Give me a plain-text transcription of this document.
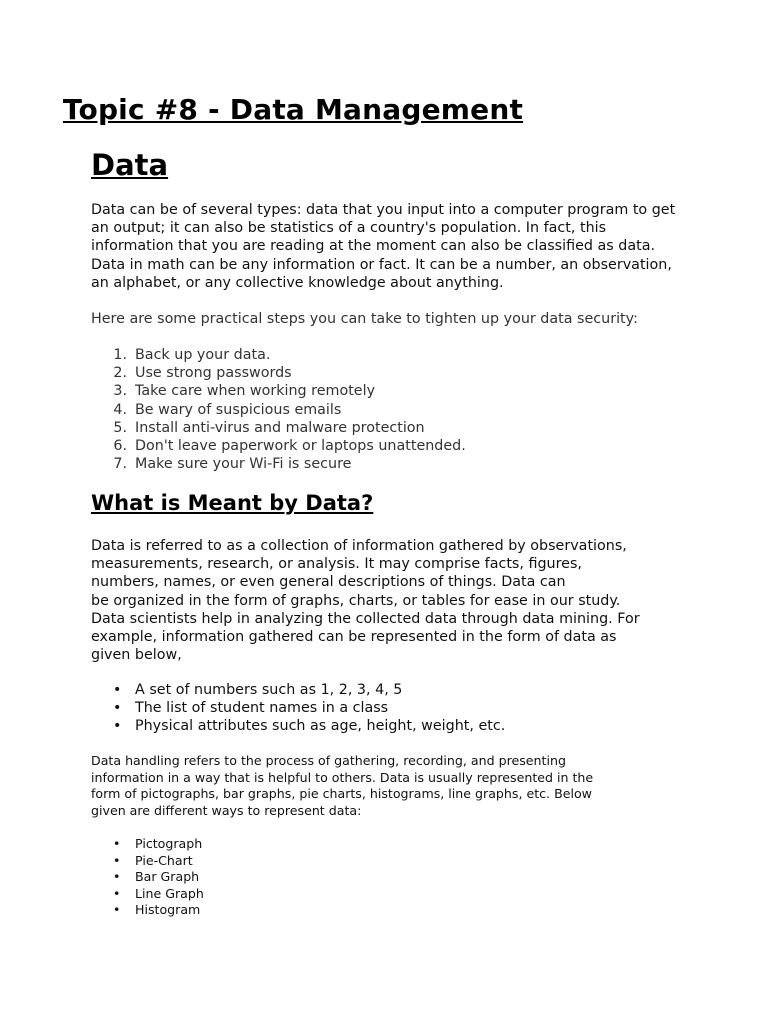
Topic #8 - Data Management
Data

Data can be of several types: data that you input into a computer program to get an output; it can also be statistics of a country's population. In fact, this information that you are reading at the moment can also be classified as data. Data in math can be any information or fact. It can be a number, an observation, an alphabet, or any collective knowledge about anything.

Here are some practical steps you can take to tighten up your data security:

1. Back up your data.
2. Use strong passwords
3. Take care when working remotely
4. Be wary of suspicious emails
5. Install anti-virus and malware protection
6. Don't leave paperwork or laptops unattended.
7. Make sure your Wi-Fi is secure
What is Meant by Data?

Data is referred to as a collection of information gathered by observations,
measurements, research, or analysis. It may comprise facts, figures,
numbers, names, or even general descriptions of things. Data can
be organized in the form of graphs, charts, or tables for ease in our study.
Data scientists help in analyzing the collected data through data mining. For
example, information gathered can be represented in the form of data as
given below,

• A set of numbers such as 1, 2, 3, 4, 5
• The list of student names in a class
• Physical attributes such as age, height, weight, etc.

Data handling refers to the process of gathering, recording, and presenting
information in a way that is helpful to others. Data is usually represented in the
form of pictographs, bar graphs, pie charts, histograms, line graphs, etc. Below
given are different ways to represent data:

• Pictograph
• Pie-Chart
• Bar Graph
• Line Graph
• Histogram
